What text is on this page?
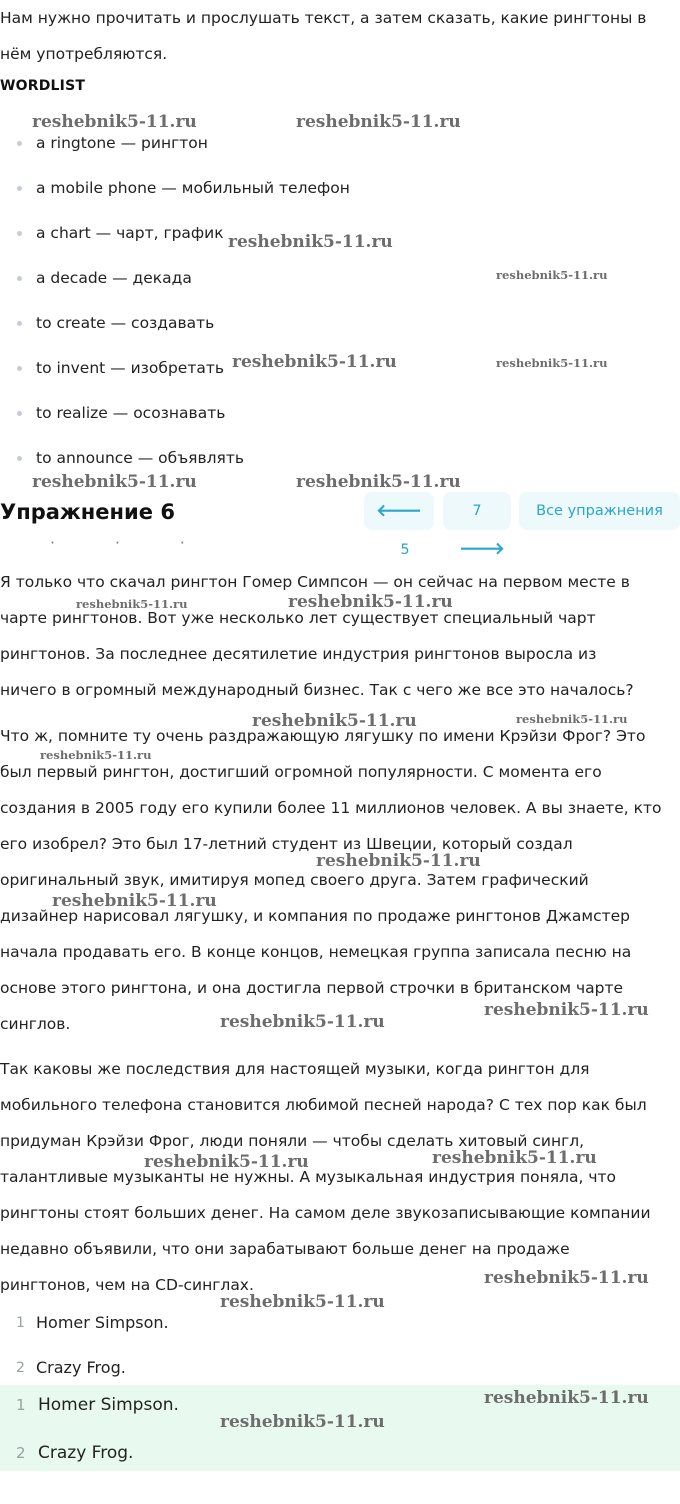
Нам нужно прочитать и прослушать текст, а затем сказать, какие рингтоны в
нём употребляются.
WORDLIST
a ringtone — рингтон
a mobile phone — мобильный телефон
a chart — чарт, график
a decade — декада
to create — создавать
to invent — изобретать
to realize — осознавать
to announce — объявлять
Упражнение 6	🡐 5
7 🡒
Все упражнения
·	·	·
Я только что скачал рингтон Гомер Симпсон — он сейчас на первом месте в
чарте рингтонов. Вот уже несколько лет существует специальный чарт
рингтонов. За последнее десятилетие индустрия рингтонов выросла из
ничего в огромный международный бизнес. Так с чего же все это началось?
Что ж, помните ту очень раздражающую лягушку по имени Крэйзи Фрог? Это
был первый рингтон, достигший огромной популярности. С момента его
создания в 2005 году его купили более 11 миллионов человек. А вы знаете, кто
его изобрел? Это был 17-летний студент из Швеции, который создал
оригинальный звук, имитируя мопед своего друга. Затем графический
дизайнер нарисовал лягушку, и компания по продаже рингтонов Джамстер
начала продавать его. В конце концов, немецкая группа записала песню на
основе этого рингтона, и она достигла первой строчки в британском чарте
синглов.
Так каковы же последствия для настоящей музыки, когда рингтон для
мобильного телефона становится любимой песней народа? С тех пор как был
придуман Крэйзи Фрог, люди поняли — чтобы сделать хитовый сингл,
талантливые музыканты не нужны. А музыкальная индустрия поняла, что
рингтоны стоят больших денег. На самом деле звукозаписывающие компании
недавно объявили, что они зарабатывают больше денег на продаже
рингтонов, чем на CD-синглах.
1 Homer Simpson.
2 Crazy Frog.
1 Homer Simpson.
2 Crazy Frog.
reshebnik5-11.ru	reshebnik5-11.ru
reshebnik5-11.ru
reshebnik5-11.ru
reshebnik5-11.ru	reshebnik5-11.ru
reshebnik5-11.ru	reshebnik5-11.ru
reshebnik5-11.ru	reshebnik5-11.ru
reshebnik5-11.ru	reshebnik5-11.ru
reshebnik5-11.ru
reshebnik5-11.ru
reshebnik5-11.ru
reshebnik5-11.ru
reshebnik5-11.ru
reshebnik5-11.ru	reshebnik5-11.ru
reshebnik5-11.ru
reshebnik5-11.ru
reshebnik5-11.ru
reshebnik5-11.ru
